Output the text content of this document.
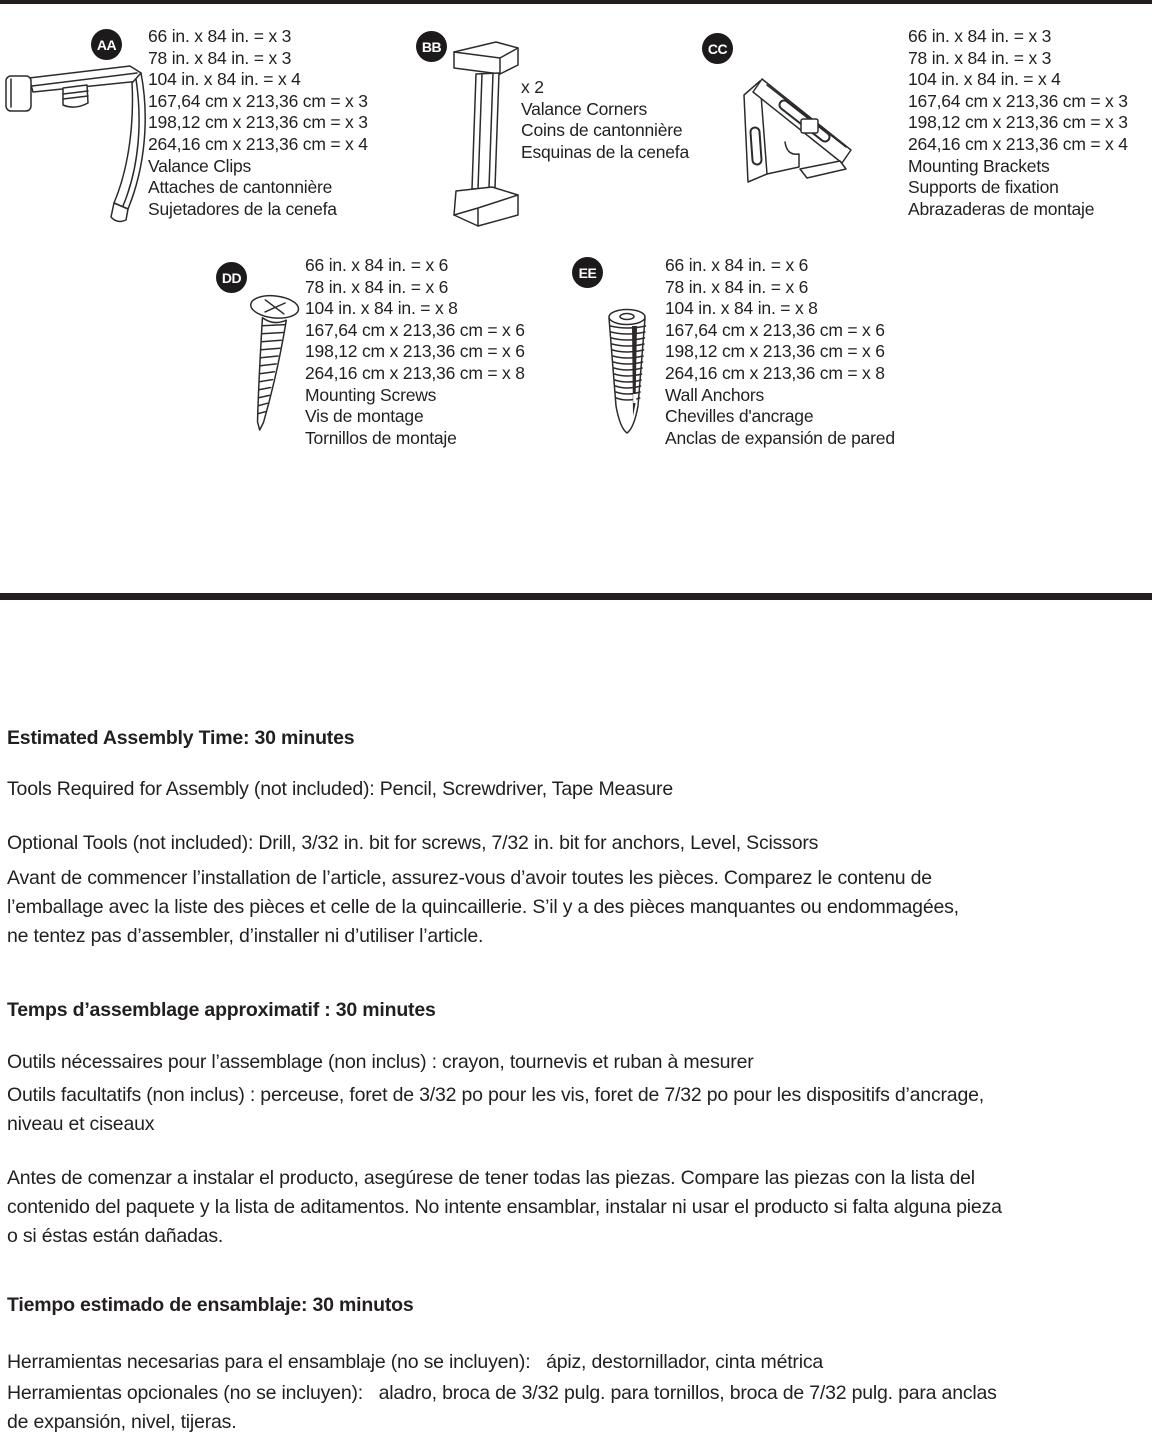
AA	66 in. x 84 in. = x 3
78 in. x 84 in. = x 3
104 in. x 84 in. = x 4
167,64 cm x 213,36 cm = x 3
198,12 cm x 213,36 cm = x 3
264,16 cm x 213,36 cm = x 4
Valance Clips
Attaches de cantonnière
Sujetadores de la cenefa
BB
x 2
Valance Corners
Coins de cantonnière
Esquinas de la cenefa
CC
66 in. x 84 in. = x 3
78 in. x 84 in. = x 3
104 in. x 84 in. = x 4
167,64 cm x 213,36 cm = x 3
198,12 cm x 213,36 cm = x 3
264,16 cm x 213,36 cm = x 4
Mounting Brackets
Supports de fixation
Abrazaderas de montaje
DD
66 in. x 84 in. = x 6
78 in. x 84 in. = x 6
104 in. x 84 in. = x 8
167,64 cm x 213,36 cm = x 6
198,12 cm x 213,36 cm = x 6
264,16 cm x 213,36 cm = x 8
Mounting Screws
Vis de montage
Tornillos de montaje
EE	66 in. x 84 in. = x 6
78 in. x 84 in. = x 6
104 in. x 84 in. = x 8
167,64 cm x 213,36 cm = x 6
198,12 cm x 213,36 cm = x 6
264,16 cm x 213,36 cm = x 8
Wall Anchors
Chevilles d'ancrage
Anclas de expansión de pared

Estimated Assembly Time: 30 minutes

Tools Required for Assembly (not included): Pencil, Screwdriver, Tape Measure

Optional Tools (not included): Drill, 3/32 in. bit for screws, 7/32 in. bit for anchors, Level, Scissors

Avant de commencer l’installation de l’article, assurez-vous d’avoir toutes les pièces. Comparez le contenu de
l’emballage avec la liste des pièces et celle de la quincaillerie. S’il y a des pièces manquantes ou endommagées,
ne tentez pas d’assembler, d’installer ni d’utiliser l’article.

Temps d’assemblage approximatif : 30 minutes

Outils nécessaires pour l’assemblage (non inclus) : crayon, tournevis et ruban à mesurer

Outils facultatifs (non inclus) : perceuse, foret de 3/32 po pour les vis, foret de 7/32 po pour les dispositifs d’ancrage,
niveau et ciseaux
Antes de comenzar a instalar el producto, asegúrese de tener todas las piezas. Compare las piezas con la lista del
contenido del paquete y la lista de aditamentos. No intente ensamblar, instalar ni usar el producto si falta alguna pieza
o si éstas están dañadas.

Tiempo estimado de ensamblaje: 30 minutos

Herramientas necesarias para el ensamblaje (no se incluyen):   ápiz, destornillador, cinta métrica

Herramientas opcionales (no se incluyen):   aladro, broca de 3/32 pulg. para tornillos, broca de 7/32 pulg. para anclas
de expansión, nivel, tijeras.
